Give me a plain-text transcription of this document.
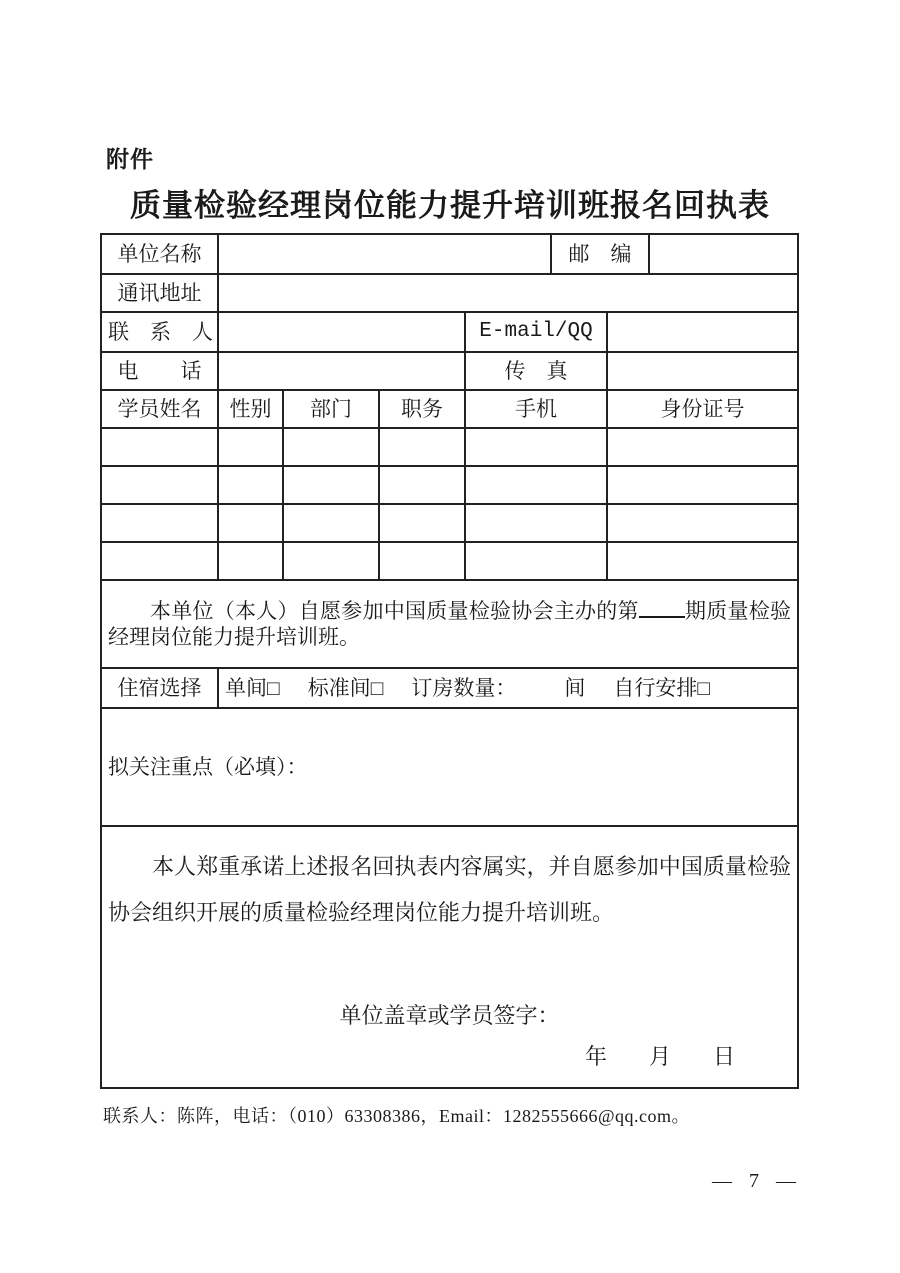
附件
质量检验经理岗位能力提升培训班报名回执表
单位名称					邮　编		
通讯地址							
联　系　人				E-mail/QQ			
电　　话				传　真			
学员姓名	性别	部门	职务	手机		身份证号	

本单位（本人）自愿参加中国质量检验协会主办的第 期质量检验经理岗位能力提升培训班。							
住宿选择	单间□ 标准间□ 订房数量： 间 自行安排□						
拟关注重点（必填）：							

本人郑重承诺上述报名回执表内容属实，并自愿参加中国质量检验协会组织开展的质量检验经理岗位能力提升培训班。

单位盖章或学员签字：
年　月　日							
联系人：陈阵，电话：（010）63308386，Email：1282555666@qq.com。
— 7 —
